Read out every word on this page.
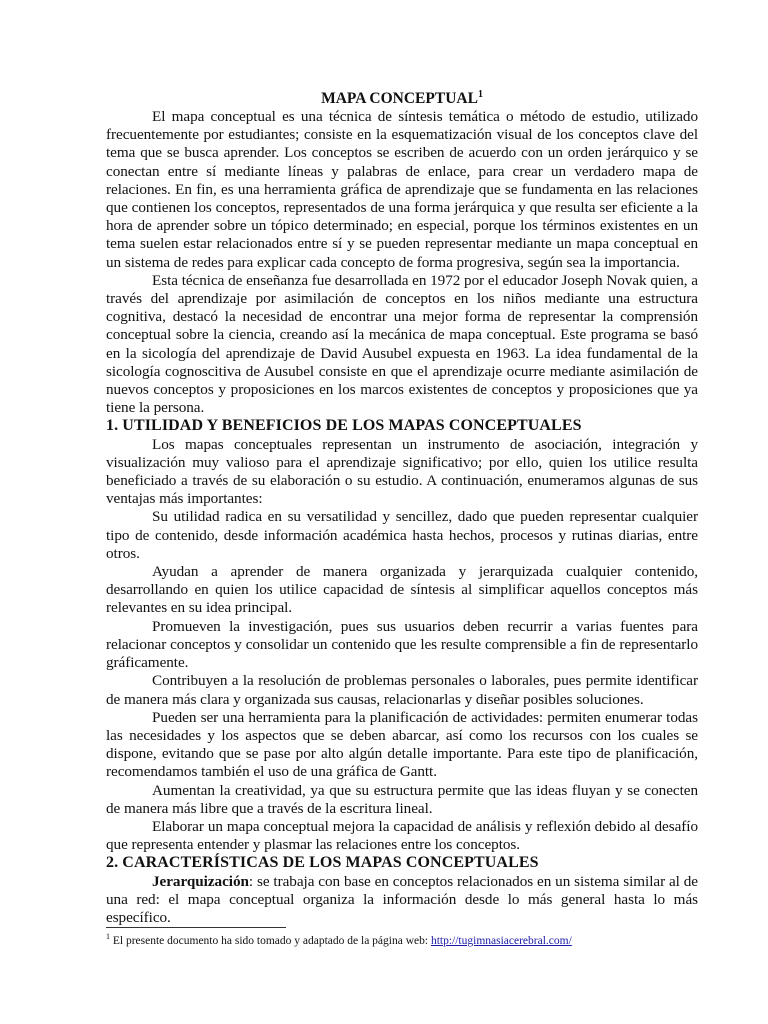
MAPA CONCEPTUAL$^1$

El mapa conceptual es una técnica de síntesis temática o método de estudio, utilizado frecuentemente por estudiantes; consiste en la esquematización visual de los conceptos clave del tema que se busca aprender. Los conceptos se escriben de acuerdo con un orden jerárquico y se conectan entre sí mediante líneas y palabras de enlace, para crear un verdadero mapa de relaciones. En fin, es una herramienta gráfica de aprendizaje que se fundamenta en las relaciones que contienen los conceptos, representados de una forma jerárquica y que resulta ser eficiente a la hora de aprender sobre un tópico determinado; en especial, porque los términos existentes en un tema suelen estar relacionados entre sí y se pueden representar mediante un mapa conceptual en un sistema de redes para explicar cada concepto de forma progresiva, según sea la importancia.

Esta técnica de enseñanza fue desarrollada en 1972 por el educador Joseph Novak quien, a través del aprendizaje por asimilación de conceptos en los niños mediante una estructura cognitiva, destacó la necesidad de encontrar una mejor forma de representar la comprensión conceptual sobre la ciencia, creando así la mecánica de mapa conceptual. Este programa se basó en la sicología del aprendizaje de David Ausubel expuesta en 1963. La idea fundamental de la sicología cognoscitiva de Ausubel consiste en que el aprendizaje ocurre mediante asimilación de nuevos conceptos y proposiciones en los marcos existentes de conceptos y proposiciones que ya tiene la persona.

1. UTILIDAD Y BENEFICIOS DE LOS MAPAS CONCEPTUALES

Los mapas conceptuales representan un instrumento de asociación, integración y visualización muy valioso para el aprendizaje significativo; por ello, quien los utilice resulta beneficiado a través de su elaboración o su estudio. A continuación, enumeramos algunas de sus ventajas más importantes:

Su utilidad radica en su versatilidad y sencillez, dado que pueden representar cualquier tipo de contenido, desde información académica hasta hechos, procesos y rutinas diarias, entre otros.

Ayudan a aprender de manera organizada y jerarquizada cualquier contenido, desarrollando en quien los utilice capacidad de síntesis al simplificar aquellos conceptos más relevantes en su idea principal.

Promueven la investigación, pues sus usuarios deben recurrir a varias fuentes para relacionar conceptos y consolidar un contenido que les resulte comprensible a fin de representarlo gráficamente.

Contribuyen a la resolución de problemas personales o laborales, pues permite identificar de manera más clara y organizada sus causas, relacionarlas y diseñar posibles soluciones.

Pueden ser una herramienta para la planificación de actividades: permiten enumerar todas las necesidades y los aspectos que se deben abarcar, así como los recursos con los cuales se dispone, evitando que se pase por alto algún detalle importante. Para este tipo de planificación, recomendamos también el uso de una gráfica de Gantt.

Aumentan la creatividad, ya que su estructura permite que las ideas fluyan y se conecten de manera más libre que a través de la escritura lineal.

Elaborar un mapa conceptual mejora la capacidad de análisis y reflexión debido al desafío que representa entender y plasmar las relaciones entre los conceptos.

2. CARACTERÍSTICAS DE LOS MAPAS CONCEPTUALES

Jerarquización: se trabaja con base en conceptos relacionados en un sistema similar al de una red: el mapa conceptual organiza la información desde lo más general hasta lo más específico.

$^1$ El presente documento ha sido tomado y adaptado de la página web: http://tugimnasiacerebral.com/
